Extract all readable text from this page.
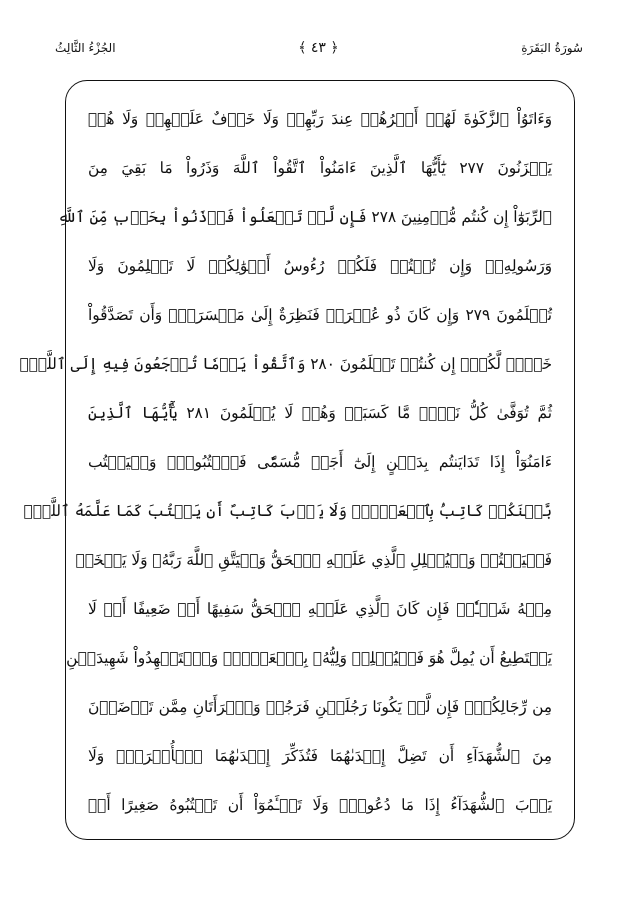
سُورَةُ البَقَرَةِ
﴿ ٤٣ ﴾
الجُزْءُ الثَّالِثُ
وَءَاتَوُاْ ٱلزَّكَوٰةَ لَهُمۡ أَجۡرُهُمۡ عِندَ رَبِّهِمۡ وَلَا خَوۡفٌ عَلَيۡهِمۡ وَلَا هُمۡ
يَحۡزَنُونَ ٢٧٧ يَٰٓأَيُّهَا ٱلَّذِينَ ءَامَنُواْ ٱتَّقُواْ ٱللَّهَ وَذَرُواْ مَا بَقِيَ مِنَ
ٱلرِّبَوٰٓاْ إِن كُنتُم مُّؤۡمِنِينَ ٢٧٨ فَإِن لَّمۡ تَفۡعَلُواْ فَأۡذَنُواْ بِحَرۡبٖ مِّنَ ٱللَّهِ
وَرَسُولِهِۦۖ وَإِن تُبۡتُمۡ فَلَكُمۡ رُءُوسُ أَمۡوَٰلِكُمۡ لَا تَظۡلِمُونَ وَلَا
تُظۡلَمُونَ ٢٧٩ وَإِن كَانَ ذُو عُسۡرَةٖ فَنَظِرَةٌ إِلَىٰ مَيۡسَرَةٖۚ وَأَن تَصَدَّقُواْ
خَيۡرٞ لَّكُمۡۖ إِن كُنتُمۡ تَعۡلَمُونَ ٢٨٠ وَٱتَّقُواْ يَوۡمٗا تُرۡجَعُونَ فِيهِ إِلَى ٱللَّهِۖ
ثُمَّ تُوَفَّىٰ كُلُّ نَفۡسٖ مَّا كَسَبَتۡ وَهُمۡ لَا يُظۡلَمُونَ ٢٨١ يَٰٓأَيُّهَا ٱلَّذِينَ
ءَامَنُوٓاْ إِذَا تَدَايَنتُم بِدَيۡنٍ إِلَىٰٓ أَجَلٖ مُّسَمّٗى فَٱكۡتُبُوهُۚ وَلۡيَكۡتُب
بَّيۡنَكُمۡ كَاتِبُۢ بِٱلۡعَدۡلِۚ وَلَا يَأۡبَ كَاتِبٌ أَن يَكۡتُبَ كَمَا عَلَّمَهُ ٱللَّهُۚ
فَلۡيَكۡتُبۡ وَلۡيُمۡلِلِ ٱلَّذِي عَلَيۡهِ ٱلۡحَقُّ وَلۡيَتَّقِ ٱللَّهَ رَبَّهُۥ وَلَا يَبۡخَسۡ
مِنۡهُ شَيۡـٔٗاۚ فَإِن كَانَ ٱلَّذِي عَلَيۡهِ ٱلۡحَقُّ سَفِيهًا أَوۡ ضَعِيفًا أَوۡ لَا
يَسۡتَطِيعُ أَن يُمِلَّ هُوَ فَلۡيُمۡلِلۡ وَلِيُّهُۥ بِٱلۡعَدۡلِۚ وَٱسۡتَشۡهِدُواْ شَهِيدَيۡنِ
مِن رِّجَالِكُمۡۖ فَإِن لَّمۡ يَكُونَا رَجُلَيۡنِ فَرَجُلٞ وَٱمۡرَأَتَانِ مِمَّن تَرۡضَوۡنَ
مِنَ ٱلشُّهَدَآءِ أَن تَضِلَّ إِحۡدَىٰهُمَا فَتُذَكِّرَ إِحۡدَىٰهُمَا ٱلۡأُخۡرَىٰۚ وَلَا
يَأۡبَ ٱلشُّهَدَآءُ إِذَا مَا دُعُواْۚ وَلَا تَسۡـَٔمُوٓاْ أَن تَكۡتُبُوهُ صَغِيرًا أَوۡ
